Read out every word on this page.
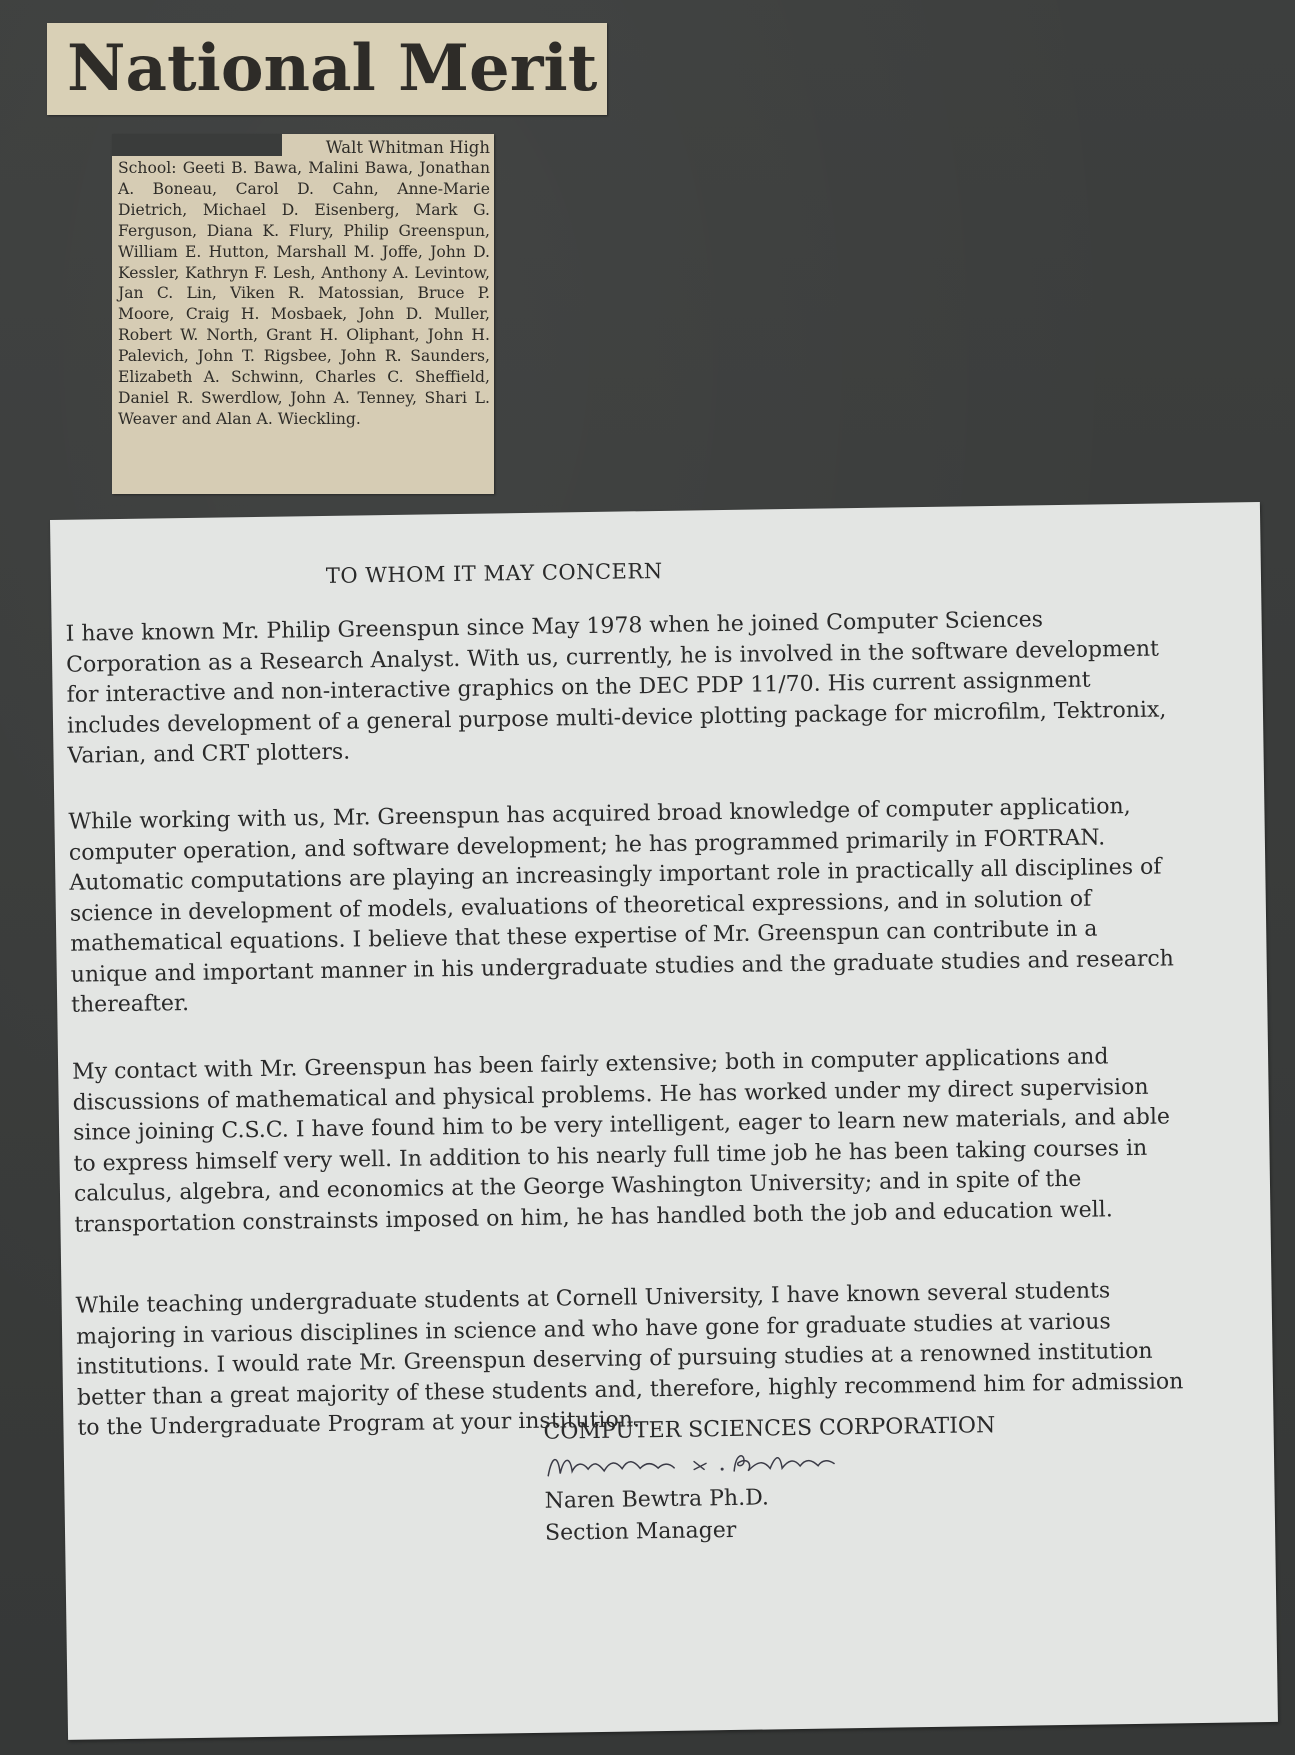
National Merit
Walt Whitman High
School: Geeti B. Bawa, Malini Bawa, Jonathan A. Boneau, Carol D. Cahn, Anne-Marie Dietrich, Michael D. Eisenberg, Mark G. Ferguson, Diana K. Flury, Philip Greenspun, William E. Hutton, Marshall M. Joffe, John D. Kessler, Kathryn F. Lesh, Anthony A. Levintow, Jan C. Lin, Viken R. Matossian, Bruce P. Moore, Craig H. Mosbaek, John D. Muller, Robert W. North, Grant H. Oliphant, John H. Palevich, John T. Rigsbee, John R. Saunders, Elizabeth A. Schwinn, Charles C. Sheffield, Daniel R. Swerdlow, John A. Tenney, Shari L. Weaver and Alan A. Wieckling.
TO WHOM IT MAY CONCERN

I have known Mr. Philip Greenspun since May 1978 when he joined Computer Sciences Corporation as a Research Analyst. With us, currently, he is involved in the software development for interactive and non-interactive graphics on the DEC PDP 11/70. His current assignment includes development of a general purpose multi-device plotting package for microfilm, Tektronix, Varian, and CRT plotters.

While working with us, Mr. Greenspun has acquired broad knowledge of computer application, computer operation, and software development; he has programmed primarily in FORTRAN. Automatic computations are playing an increasingly important role in practically all disciplines of science in development of models, evaluations of theoretical expressions, and in solution of mathematical equations. I believe that these expertise of Mr. Greenspun can contribute in a unique and important manner in his undergraduate studies and the graduate studies and research thereafter.

My contact with Mr. Greenspun has been fairly extensive; both in computer applications and discussions of mathematical and physical problems. He has worked under my direct supervision since joining C.S.C. I have found him to be very intelligent, eager to learn new materials, and able to express himself very well. In addition to his nearly full time job he has been taking courses in calculus, algebra, and economics at the George Washington University; and in spite of the transportation constrainsts imposed on him, he has handled both the job and education well.

While teaching undergraduate students at Cornell University, I have known several students majoring in various disciplines in science and who have gone for graduate studies at various institutions. I would rate Mr. Greenspun deserving of pursuing studies at a renowned institution better than a great majority of these students and, therefore, highly recommend him for admission to the Undergraduate Program at your institution.

COMPUTER SCIENCES CORPORATION
Naren Bewtra Ph.D.
Section Manager
